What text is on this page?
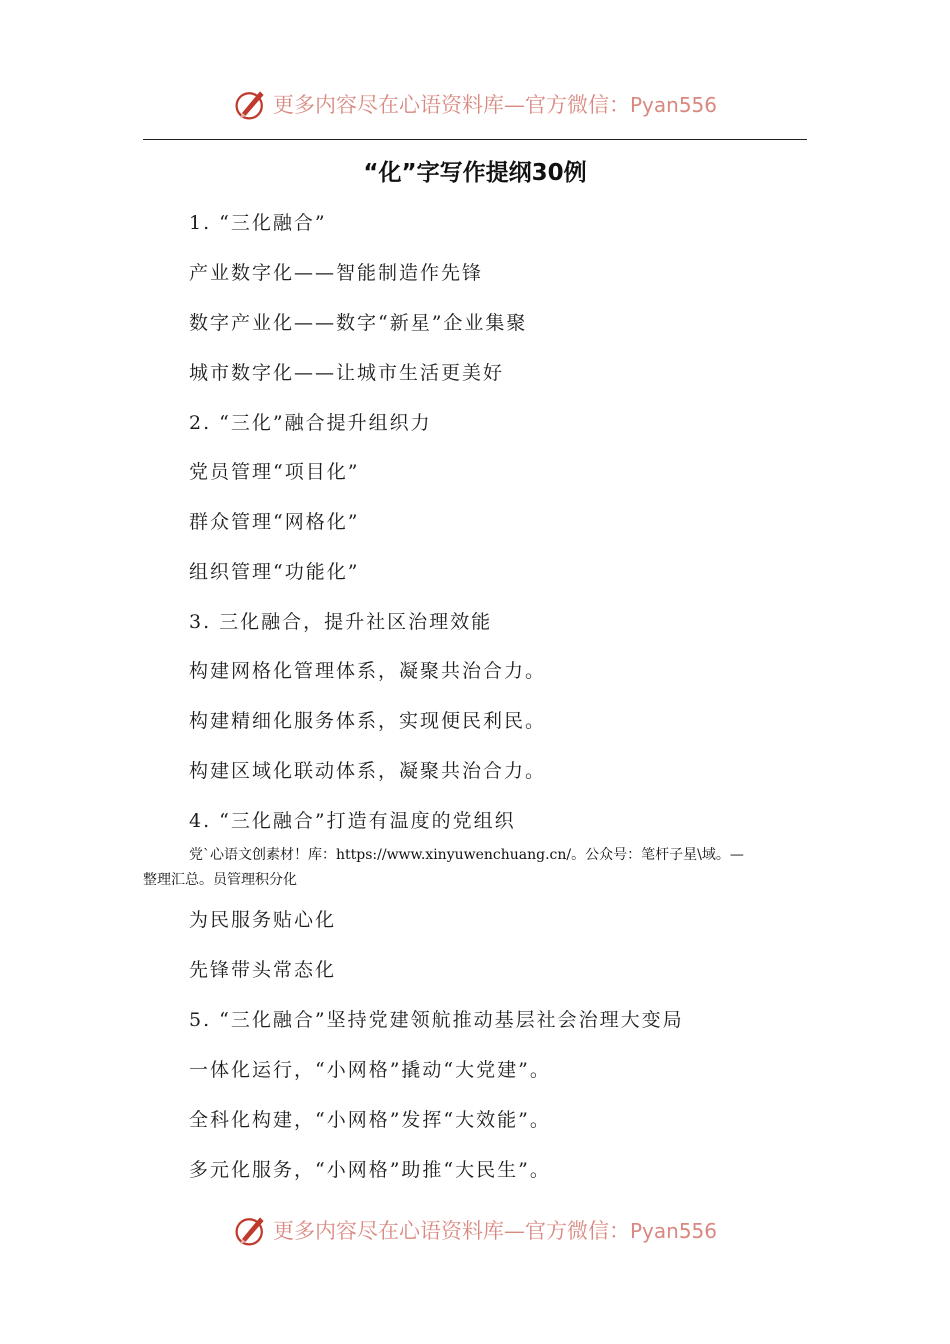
更多内容尽在心语资料库—官方微信：Pyan556
“化”字写作提纲30例
1. “三化融合”
产业数字化——智能制造作先锋
数字产业化——数字“新星”企业集聚
城市数字化——让城市生活更美好
2. “三化”融合提升组织力
党员管理“项目化”
群众管理“网格化”
组织管理“功能化”
3. 三化融合，提升社区治理效能
构建网格化管理体系，凝聚共治合力。
构建精细化服务体系，实现便民利民。
构建区域化联动体系，凝聚共治合力。
4. “三化融合”打造有温度的党组织
党`心语文创素材！库：https://www.xinyuwenchuang.cn/。公众号：笔杆子星\域。—
整理汇总。员管理积分化
为民服务贴心化
先锋带头常态化
5. “三化融合”坚持党建领航推动基层社会治理大变局
一体化运行，“小网格”撬动“大党建”。
全科化构建，“小网格”发挥“大效能”。
多元化服务，“小网格”助推“大民生”。
更多内容尽在心语资料库—官方微信：Pyan556
